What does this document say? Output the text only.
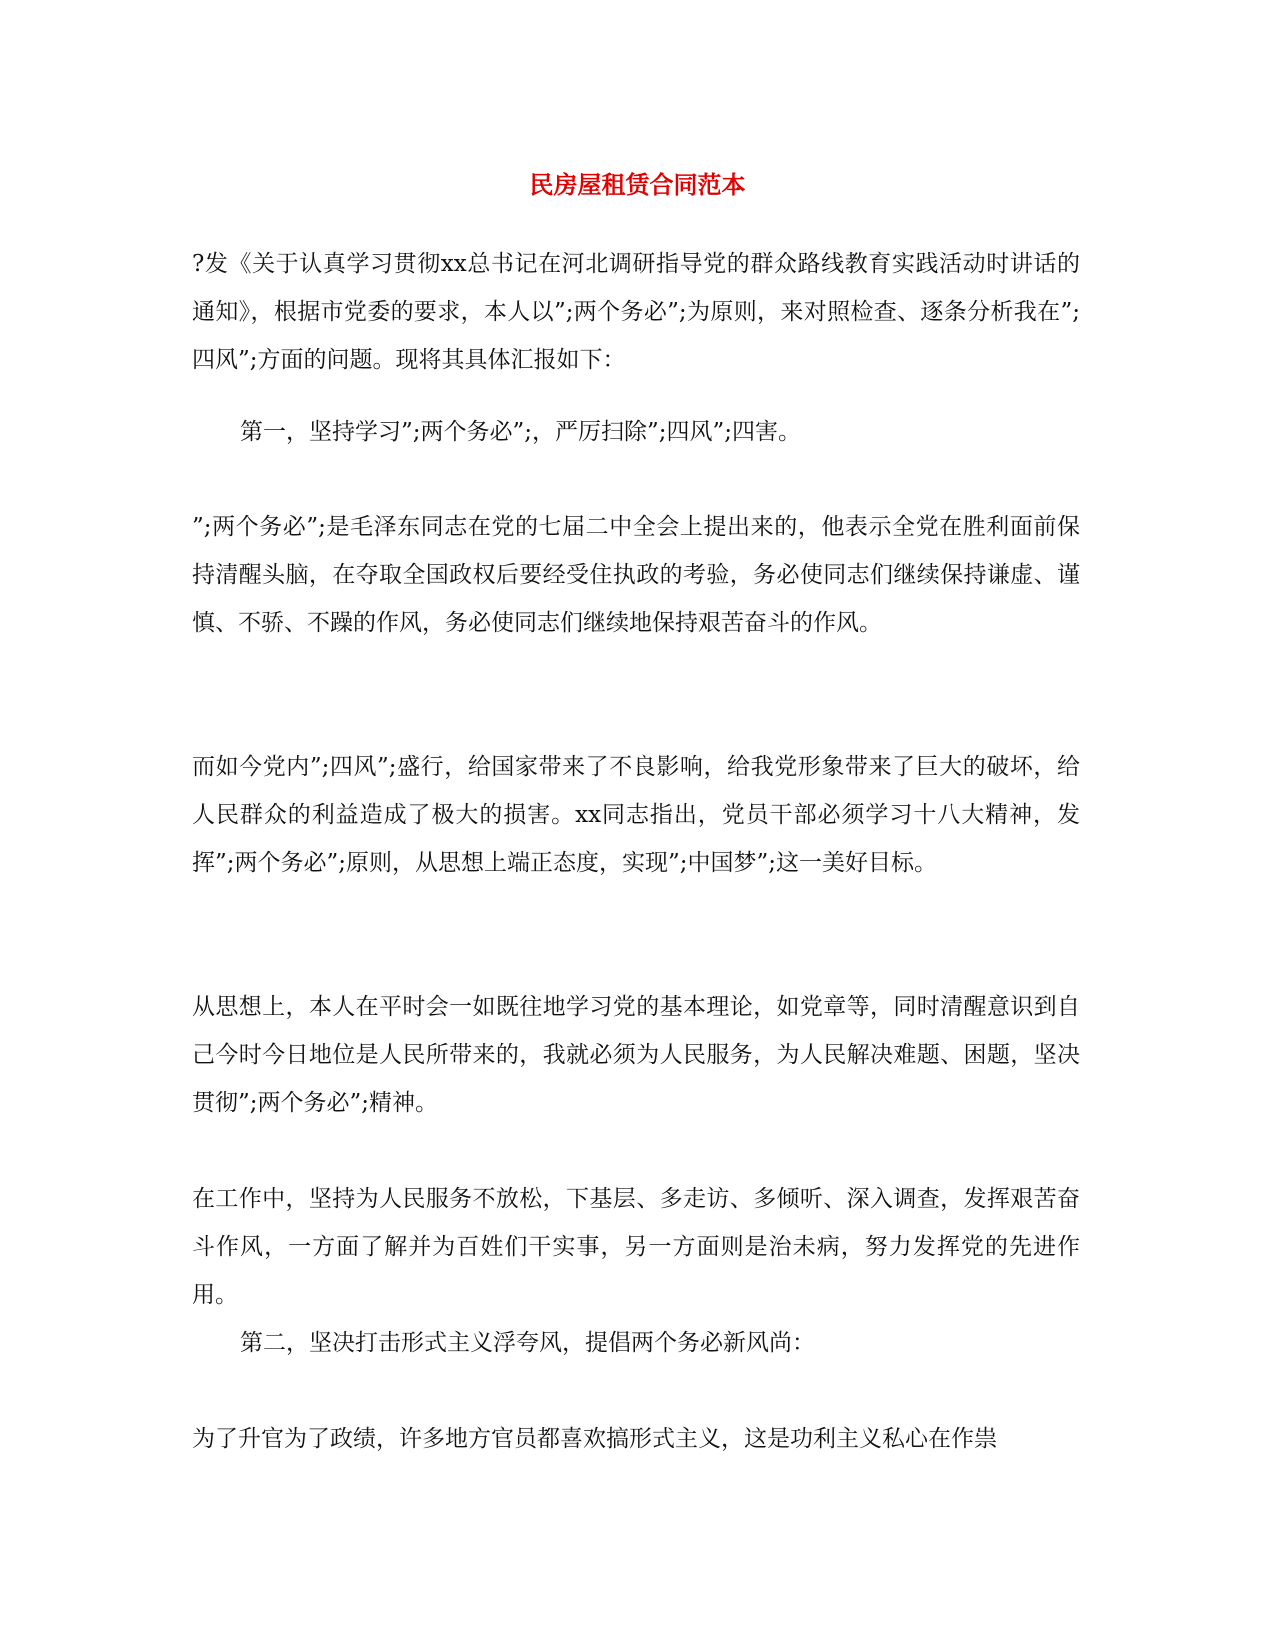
民房屋租赁合同范本

?发《关于认真学习贯彻xx总书记在河北调研指导党的群众路线教育实践活动时讲话的通知》，根据市党委的要求，本人以”;两个务必”;为原则，来对照检查、逐条分析我在”;四风”;方面的问题。现将其具体汇报如下：

第一，坚持学习”;两个务必”;，严厉扫除”;四风”;四害。

”;两个务必”;是毛泽东同志在党的七届二中全会上提出来的，他表示全党在胜利面前保持清醒头脑，在夺取全国政权后要经受住执政的考验，务必使同志们继续保持谦虚、谨慎、不骄、不躁的作风，务必使同志们继续地保持艰苦奋斗的作风。

而如今党内”;四风”;盛行，给国家带来了不良影响，给我党形象带来了巨大的破坏，给人民群众的利益造成了极大的损害。xx同志指出，党员干部必须学习十八大精神，发挥”;两个务必”;原则，从思想上端正态度，实现”;中国梦”;这一美好目标。

从思想上，本人在平时会一如既往地学习党的基本理论，如党章等，同时清醒意识到自己今时今日地位是人民所带来的，我就必须为人民服务，为人民解决难题、困题，坚决贯彻”;两个务必”;精神。

在工作中，坚持为人民服务不放松，下基层、多走访、多倾听、深入调查，发挥艰苦奋斗作风，一方面了解并为百姓们干实事，另一方面则是治未病，努力发挥党的先进作用。

第二，坚决打击形式主义浮夸风，提倡两个务必新风尚：

为了升官为了政绩，许多地方官员都喜欢搞形式主义，这是功利主义私心在作祟
